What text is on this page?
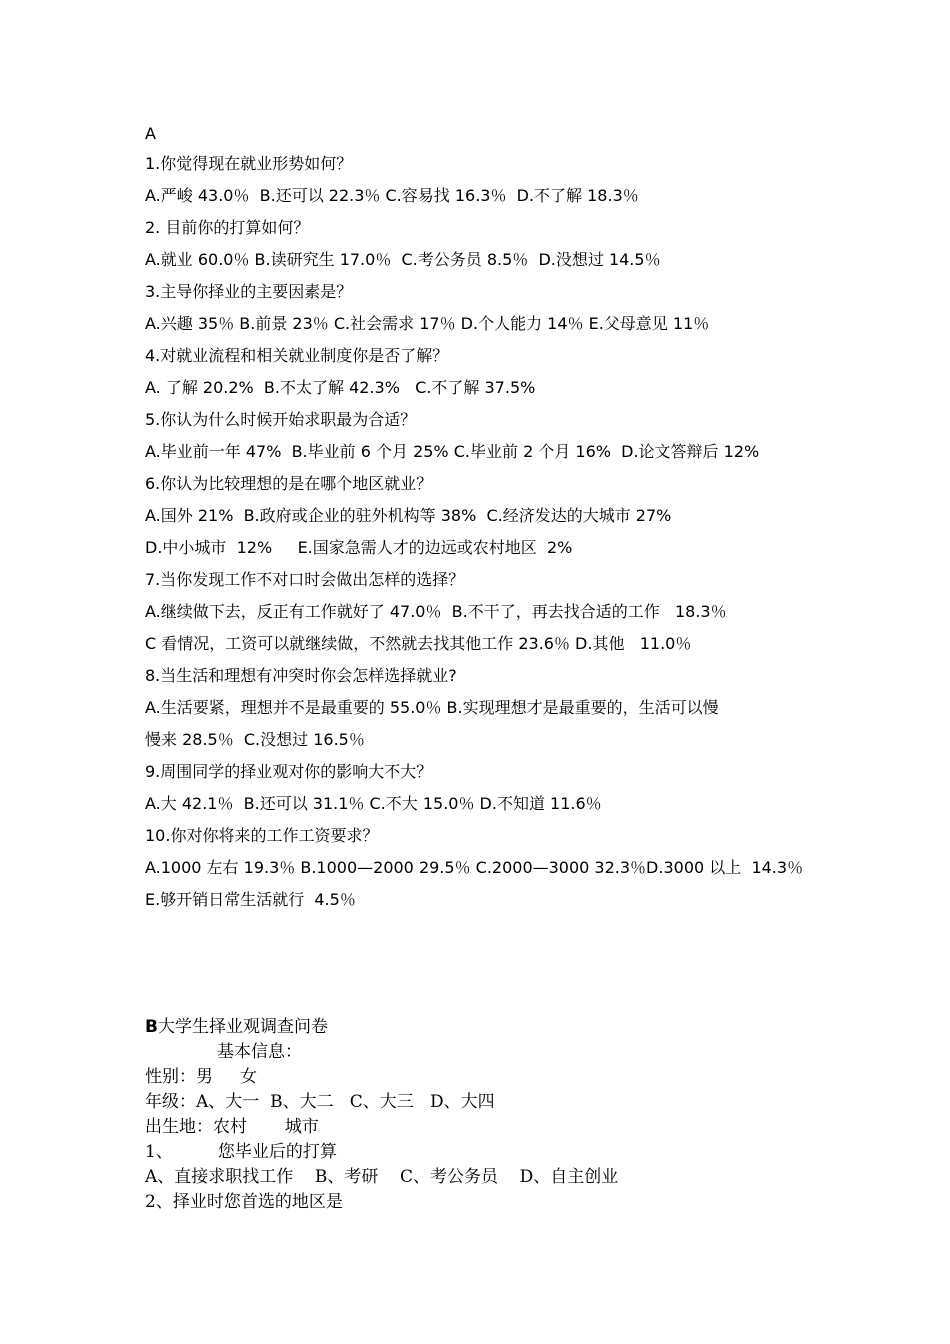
A
1.你觉得现在就业形势如何？
A.严峻 43.0％  B.还可以 22.3％ C.容易找 16.3％  D.不了解 18.3％
2. 目前你的打算如何？
A.就业 60.0％ B.读研究生 17.0％  C.考公务员 8.5％  D.没想过 14.5％
3.主导你择业的主要因素是？
A.兴趣 35％ B.前景 23％ C.社会需求 17％ D.个人能力 14％ E.父母意见 11％
4.对就业流程和相关就业制度你是否了解？
A. 了解 20.2%  B.不太了解 42.3%   C.不了解 37.5%
5.你认为什么时候开始求职最为合适？
A.毕业前一年 47%  B.毕业前 6 个月 25% C.毕业前 2 个月 16%  D.论文答辩后 12%
6.你认为比较理想的是在哪个地区就业？
A.国外 21%  B.政府或企业的驻外机构等 38%  C.经济发达的大城市 27%
D.中小城市  12%     E.国家急需人才的边远或农村地区  2%
7.当你发现工作不对口时会做出怎样的选择？
A.继续做下去，反正有工作就好了 47.0％  B.不干了，再去找合适的工作   18.3％
C 看情况，工资可以就继续做，不然就去找其他工作 23.6％ D.其他   11.0％
8.当生活和理想有冲突时你会怎样选择就业?
A.生活要紧，理想并不是最重要的 55.0％ B.实现理想才是最重要的，生活可以慢
慢来 28.5％  C.没想过 16.5％
9.周围同学的择业观对你的影响大不大？
A.大 42.1％  B.还可以 31.1％ C.不大 15.0％ D.不知道 11.6％
10.你对你将来的工作工资要求？
A.1000 左右 19.3％ B.1000—2000 29.5％ C.2000—3000 32.3％D.3000 以上  14.3％
E.够开销日常生活就行  4.5％
B大学生择业观调查问卷
基本信息：
性别：男     女
年级：A、大一  B、大二   C、大三   D、大四
出生地：农村       城市
1、	您毕业后的打算
A、直接求职找工作    B、考研    C、考公务员    D、自主创业
2、择业时您首选的地区是
